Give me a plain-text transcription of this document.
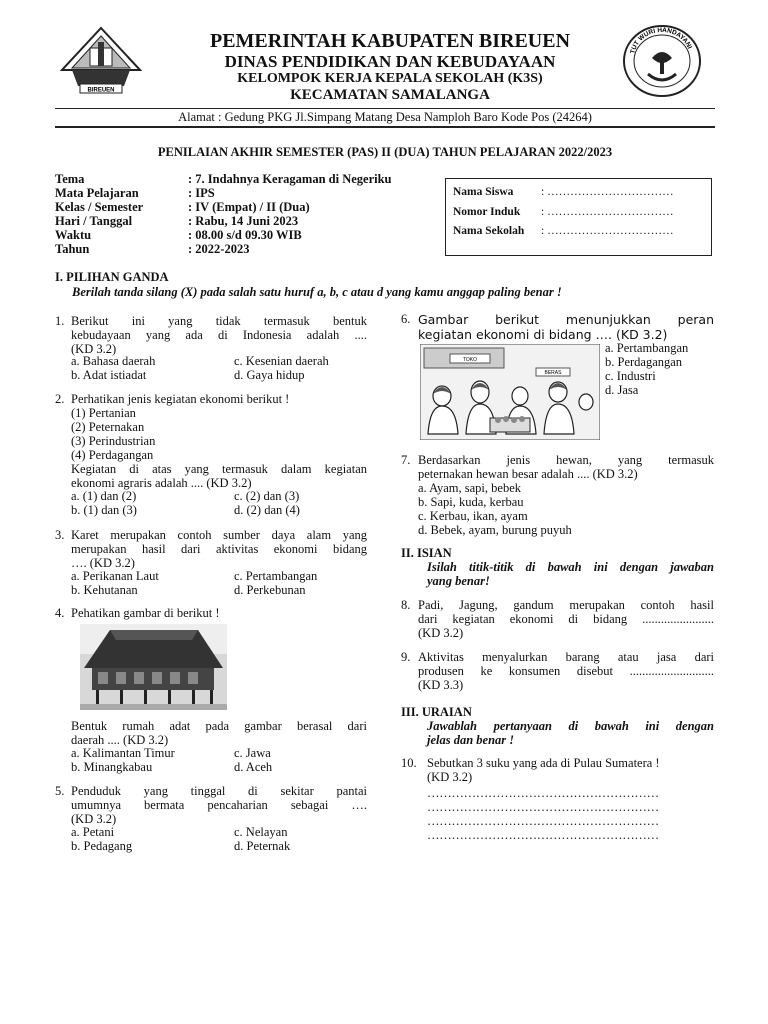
BIREUEN
TUT WURI HANDAYANI
PEMERINTAH KABUPATEN BIREUEN
DINAS PENDIDIKAN DAN KEBUDAYAAN
KELOMPOK KERJA KEPALA SEKOLAH (K3S)
KECAMATAN SAMALANGA
Alamat : Gedung PKG Jl.Simpang Matang Desa Namploh Baro Kode Pos (24264)
PENILAIAN AKHIR SEMESTER (PAS) II (DUA) TAHUN PELAJARAN 2022/2023
Tema	: 7. Indahnya Keragaman di Negeriku
Mata Pelajaran	: IPS
Kelas / Semester	: IV (Empat) / II (Dua)
Hari / Tanggal	: Rabu, 14 Juni 2023
Waktu	: 08.00 s/d 09.30 WIB
Tahun	: 2022-2023
Nama Siswa : ……………………………
Nomor Induk : ……………………………
Nama Sekolah : ……………………………
I. PILIHAN GANDA
Berilah tanda silang (X) pada salah satu huruf a, b, c atau d yang kamu anggap paling benar !
1. Berikut ini yang tidak termasuk bentuk
kebudayaan yang ada di Indonesia adalah ....
(KD 3.2)
a. Bahasa daerah	c. Kesenian daerah
b. Adat istiadat	d. Gaya hidup
2. Perhatikan jenis kegiatan ekonomi berikut !
(1) Pertanian
(2) Peternakan
(3) Perindustrian
(4) Perdagangan
Kegiatan di atas yang termasuk dalam kegiatan
ekonomi agraris adalah .... (KD 3.2)
a. (1) dan (2)	c. (2) dan (3)
b. (1) dan (3)	d. (2) dan (4)
3. Karet merupakan contoh sumber daya alam yang
merupakan hasil dari aktivitas ekonomi bidang
…. (KD 3.2)
a. Perikanan Laut	c. Pertambangan
b. Kehutanan	d. Perkebunan
4. Pehatikan gambar di berikut !
Bentuk rumah adat pada gambar berasal dari
daerah .... (KD 3.2)
a. Kalimantan Timur	c. Jawa
b. Minangkabau	d. Aceh
5. Penduduk yang tinggal di sekitar pantai
umumnya bermata pencaharian sebagai ….
(KD 3.2)
a. Petani	c. Nelayan
b. Pedagang	d. Peternak
6. Gambar berikut menunjukkan peran
kegiatan ekonomi di bidang …. (KD 3.2)
TOKO
BERAS
a. Pertambangan
b. Perdagangan
c. Industri
d. Jasa
7. Berdasarkan jenis hewan, yang termasuk
peternakan hewan besar adalah .... (KD 3.2)
a. Ayam, sapi, bebek
b. Sapi, kuda, kerbau
c. Kerbau, ikan, ayam
d. Bebek, ayam, burung puyuh
II. ISIAN
Isilah titik-titik di bawah ini dengan jawaban
yang benar!
8. Padi, Jagung, gandum merupakan contoh hasil
dari kegiatan ekonomi di bidang .......................
(KD 3.2)
9. Aktivitas menyalurkan barang atau jasa dari
produsen ke konsumen disebut ...........................
(KD 3.3)
III. URAIAN
Jawablah pertanyaan di bawah ini dengan
jelas dan benar !
10. Sebutkan 3 suku yang ada di Pulau Sumatera !
(KD 3.2)
…………………………………………………
…………………………………………………
…………………………………………………
…………………………………………………
